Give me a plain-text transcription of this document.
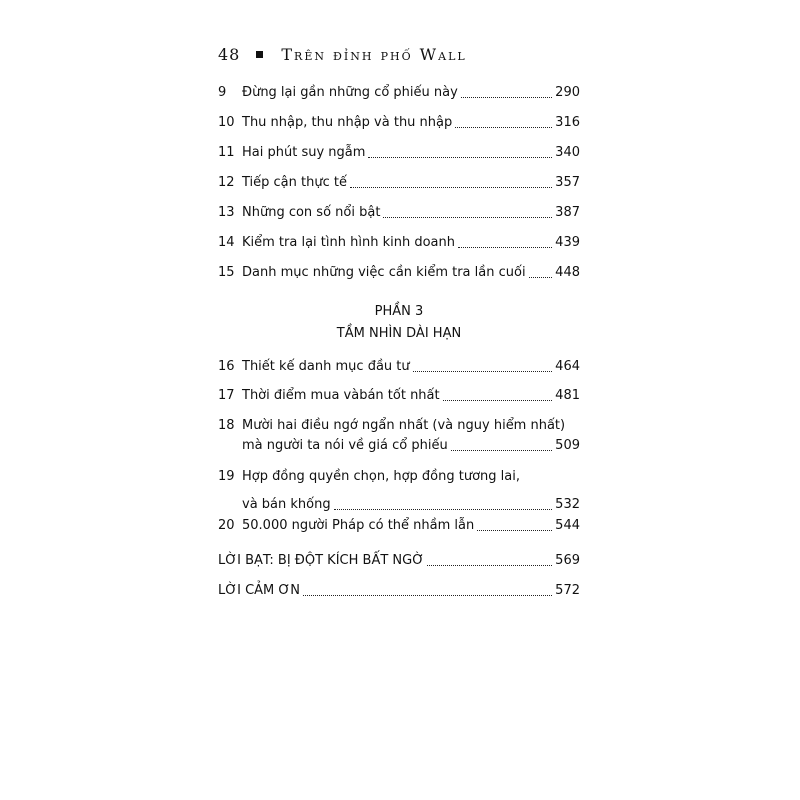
48	Trên đỉnh phố Wall
9	Đừng lại gần những cổ phiếu này	290
10 Thu nhập, thu nhập và thu nhập	316
11 Hai phút suy ngẫm	340
12 Tiếp cận thực tế	357
13 Những con số nổi bật	387
14 Kiểm tra lại tình hình kinh doanh	439
15 Danh mục những việc cần kiểm tra lần cuối 448
PHẦN 3
TẦM NHÌN DÀI HẠN
16 Thiết kế danh mục đầu tư	464
17 Thời điểm mua vàbán tốt nhất	481
18 Mười hai điều ngớ ngẩn nhất (và nguy hiểm nhất)
mà người ta nói về giá cổ phiếu	509
19 Hợp đồng quyền chọn, hợp đồng tương lai,
và bán khống	532
20 50.000 người Pháp có thể nhầm lẫn	544
LỜI BẠT: BỊ ĐỘT KÍCH BẤT NGỜ	569
LỜI CẢM ƠN	572
